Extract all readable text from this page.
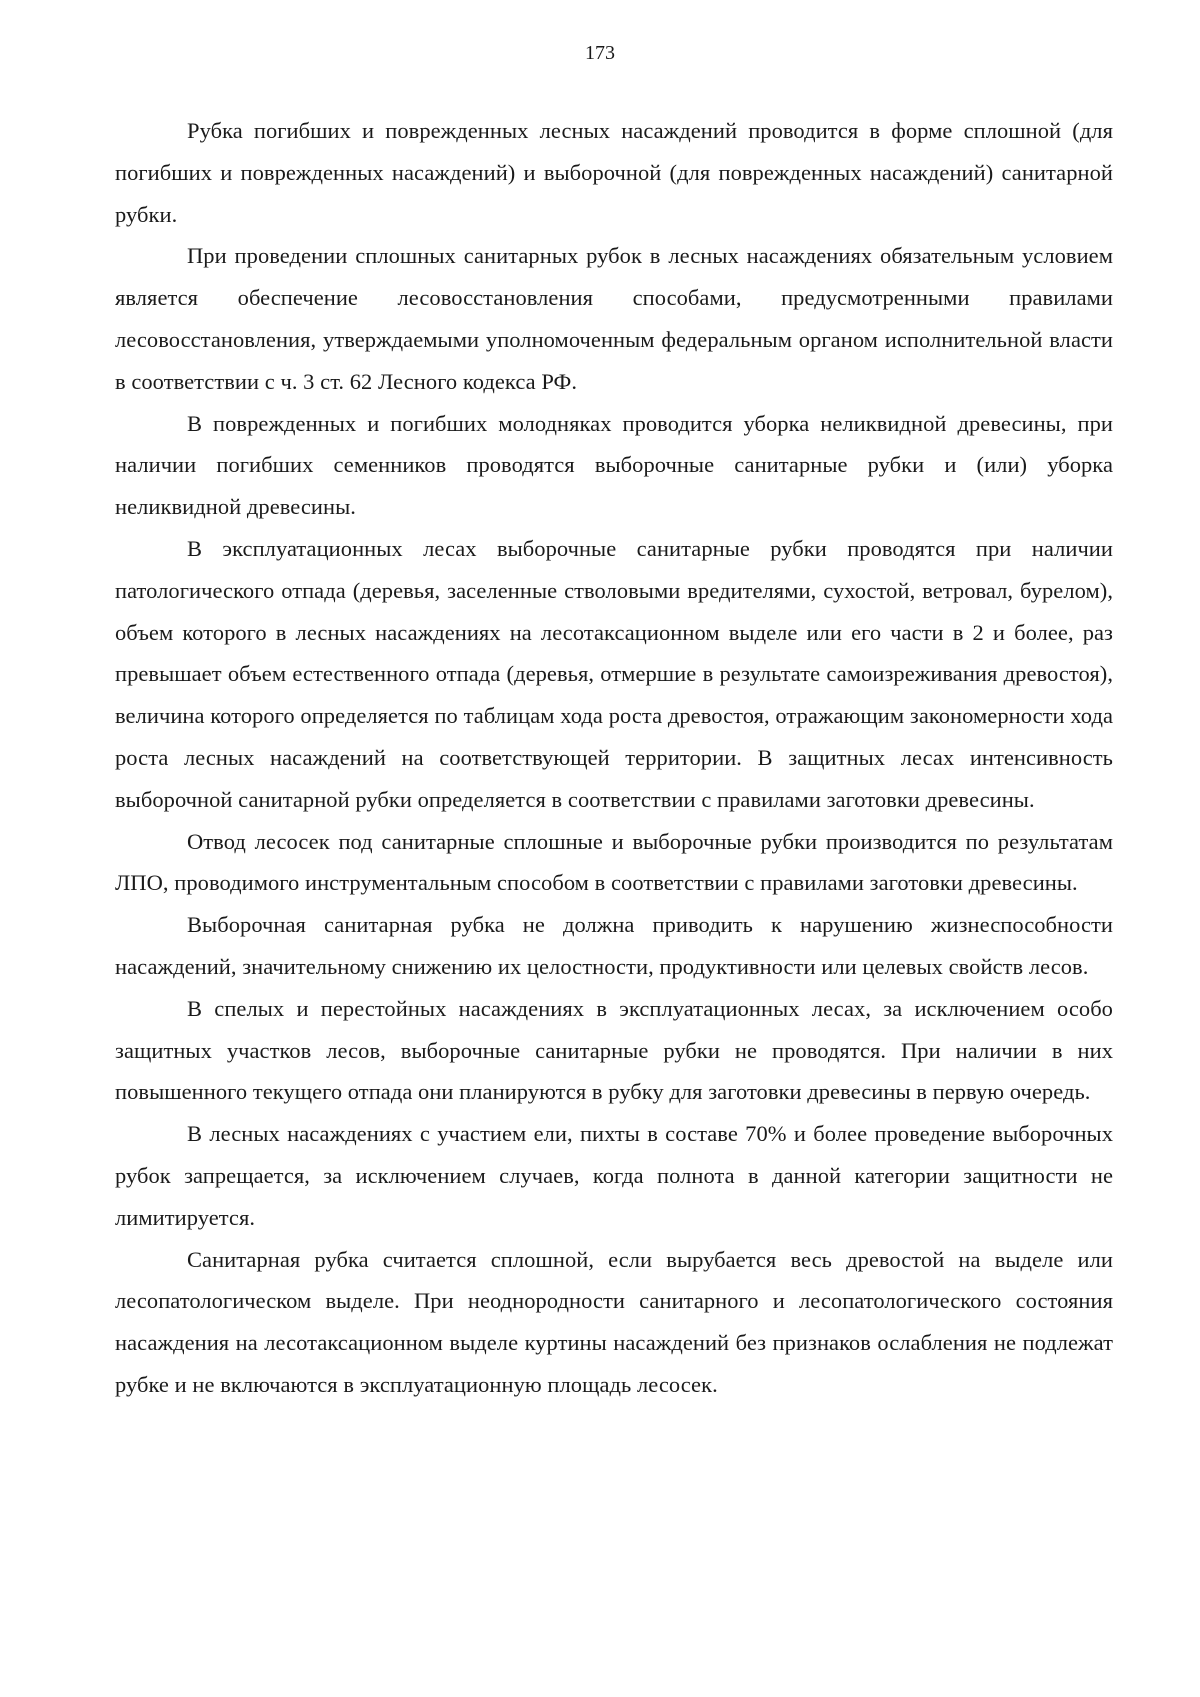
173

Рубка погибших и поврежденных лесных насаждений проводится в форме сплошной (для погибших и поврежденных насаждений) и выборочной (для поврежденных насаждений) санитарной рубки.

При проведении сплошных санитарных рубок в лесных насаждениях обязательным условием является обеспечение лесовосстановления способами, предусмотренными правилами лесовосстановления, утверждаемыми уполномоченным федеральным органом исполнительной власти в соответствии с ч. 3 ст. 62 Лесного кодекса РФ.

В поврежденных и погибших молодняках проводится уборка неликвидной древесины, при наличии погибших семенников проводятся выборочные санитарные рубки и (или) уборка неликвидной древесины.

В эксплуатационных лесах выборочные санитарные рубки проводятся при наличии патологического отпада (деревья, заселенные стволовыми вредителями, сухостой, ветровал, бурелом), объем которого в лесных насаждениях на лесотаксационном выделе или его части в 2 и более, раз превышает объем естественного отпада (деревья, отмершие в результате самоизреживания древостоя), величина которого определяется по таблицам хода роста древостоя, отражающим закономерности хода роста лесных насаждений на соответствующей территории. В защитных лесах интенсивность выборочной санитарной рубки определяется в соответствии с правилами заготовки древесины.

Отвод лесосек под санитарные сплошные и выборочные рубки производится по результатам ЛПО, проводимого инструментальным способом в соответствии с правилами заготовки древесины.

Выборочная санитарная рубка не должна приводить к нарушению жизнеспособности насаждений, значительному снижению их целостности, продуктивности или целевых свойств лесов.

В спелых и перестойных насаждениях в эксплуатационных лесах, за исключением особо защитных участков лесов, выборочные санитарные рубки не проводятся. При наличии в них повышенного текущего отпада они планируются в рубку для заготовки древесины в первую очередь.

В лесных насаждениях с участием ели, пихты в составе 70% и более проведение выборочных рубок запрещается, за исключением случаев, когда полнота в данной категории защитности не лимитируется.

Санитарная рубка считается сплошной, если вырубается весь древостой на выделе или лесопатологическом выделе. При неоднородности санитарного и лесопатологического состояния насаждения на лесотаксационном выделе куртины насаждений без признаков ослабления не подлежат рубке и не включаются в эксплуатационную площадь лесосек.
